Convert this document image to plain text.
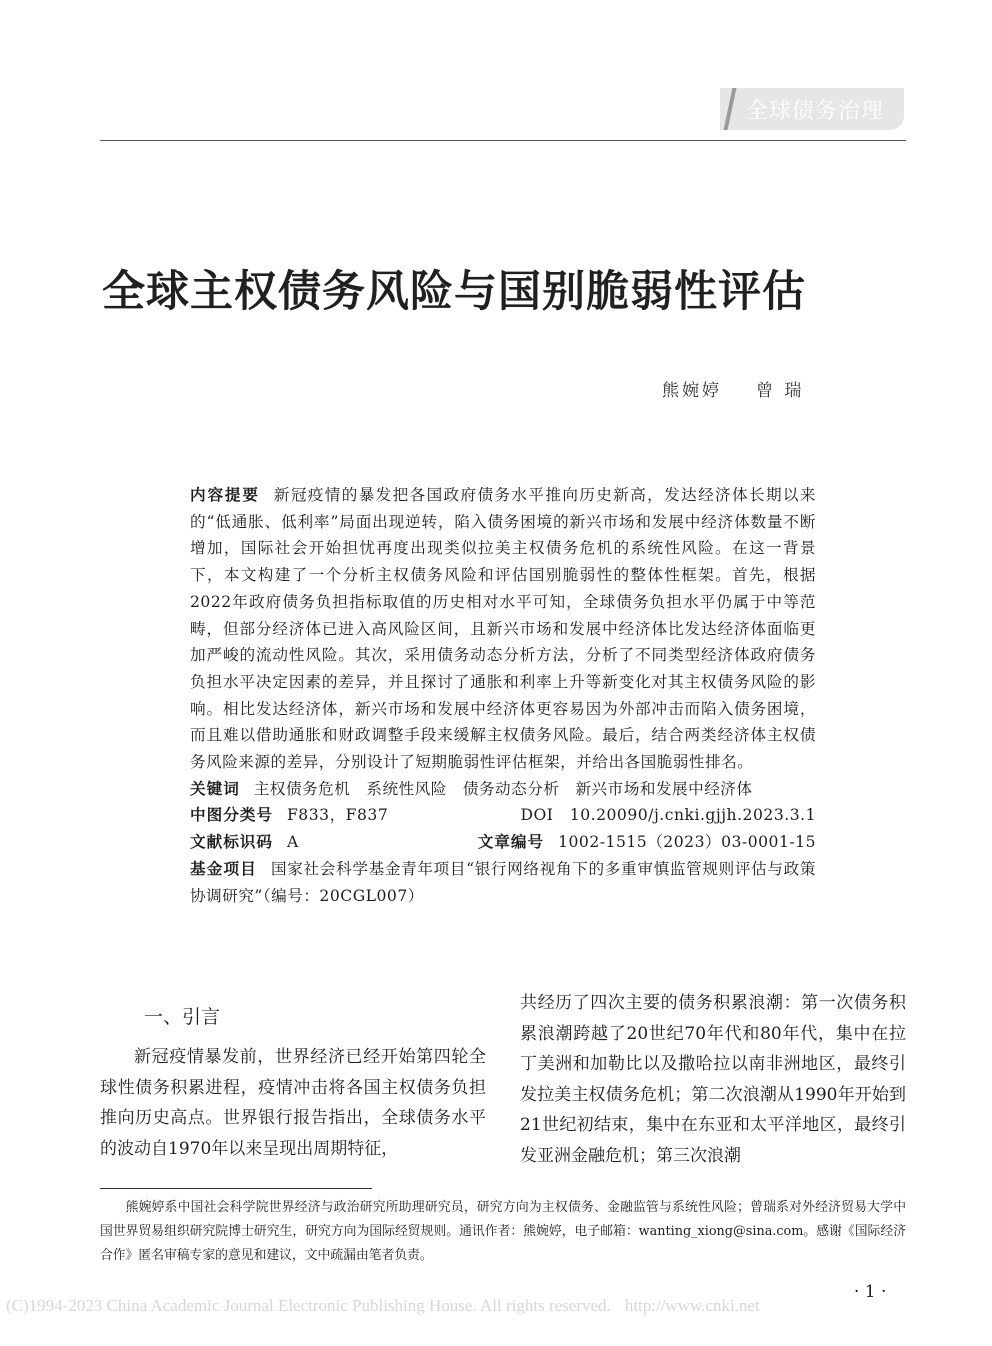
全球债务治理
全球主权债务风险与国别脆弱性评估
熊婉婷 曾 瑞

内容提要 新冠疫情的暴发把各国政府债务水平推向历史新高，发达经济体长期以来的“低通胀、低利率”局面出现逆转，陷入债务困境的新兴市场和发展中经济体数量不断增加，国际社会开始担忧再度出现类似拉美主权债务危机的系统性风险。在这一背景下，本文构建了一个分析主权债务风险和评估国别脆弱性的整体性框架。首先，根据2022年政府债务负担指标取值的历史相对水平可知，全球债务负担水平仍属于中等范畴，但部分经济体已进入高风险区间，且新兴市场和发展中经济体比发达经济体面临更加严峻的流动性风险。其次，采用债务动态分析方法，分析了不同类型经济体政府债务负担水平决定因素的差异，并且探讨了通胀和利率上升等新变化对其主权债务风险的影响。相比发达经济体，新兴市场和发展中经济体更容易因为外部冲击而陷入债务困境，而且难以借助通胀和财政调整手段来缓解主权债务风险。最后，结合两类经济体主权债务风险来源的差异，分别设计了短期脆弱性评估框架，并给出各国脆弱性排名。

关键词 主权债务危机 系统性风险 债务动态分析 新兴市场和发展中经济体

中图分类号 F833，F837	DOI 10.20090/j.cnki.gjjh.2023.3.1
文献标识码 A	文章编号 1002-1515（2023）03-0001-15

基金项目 国家社会科学基金青年项目“银行网络视角下的多重审慎监管规则评估与政策协调研究”（编号：20CGL007）

一、引言

新冠疫情暴发前，世界经济已经开始第四轮全球性债务积累进程，疫情冲击将各国主权债务负担推向历史高点。世界银行报告指出，全球债务水平的波动自1970年以来呈现出周期特征，

共经历了四次主要的债务积累浪潮：第一次债务积累浪潮跨越了20世纪70年代和80年代，集中在拉丁美洲和加勒比以及撒哈拉以南非洲地区，最终引发拉美主权债务危机；第二次浪潮从1990年开始到21世纪初结束，集中在东亚和太平洋地区，最终引发亚洲金融危机；第三次浪潮

熊婉婷系中国社会科学院世界经济与政治研究所助理研究员，研究方向为主权债务、金融监管与系统性风险；曾瑞系对外经济贸易大学中国世界贸易组织研究院博士研究生，研究方向为国际经贸规则。通讯作者：熊婉婷，电子邮箱：wanting_xiong@sina.com。感谢《国际经济合作》匿名审稿专家的意见和建议，文中疏漏由笔者负责。

· 1 ·
(C)1994-2023 China Academic Journal Electronic Publishing House. All rights reserved. http://www.cnki.net
